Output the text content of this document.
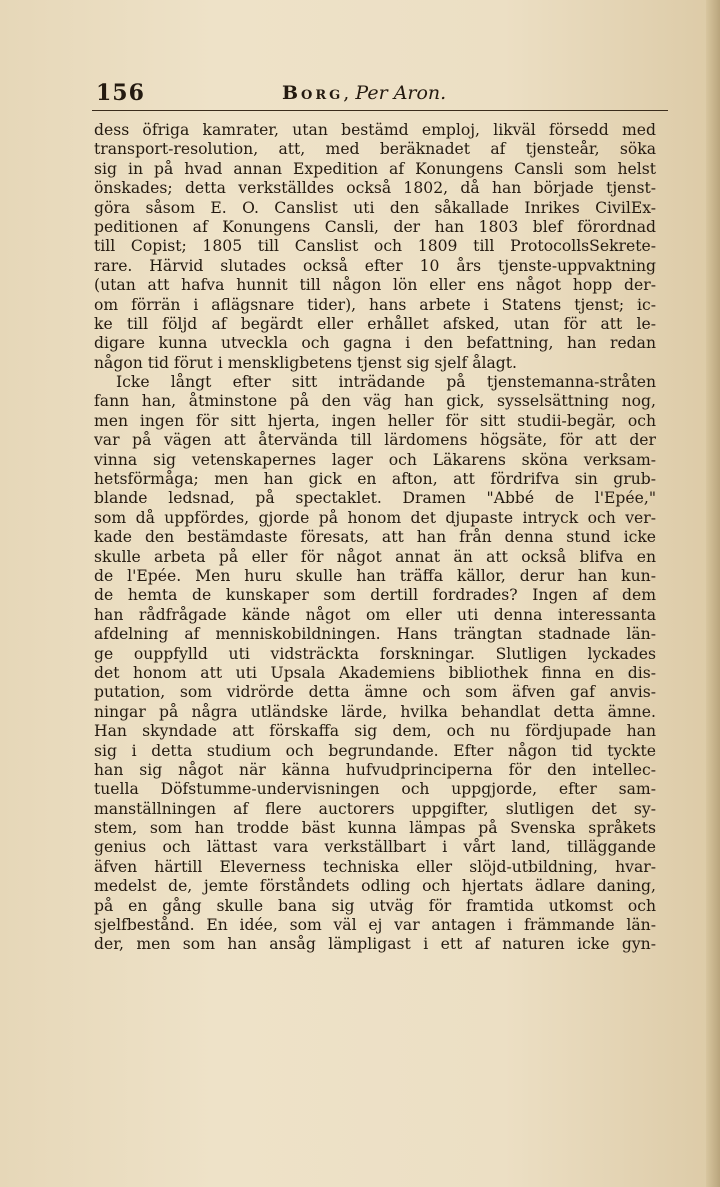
156	Borg, Per Aron.
dess öfriga kamrater, utan bestämd emploj, likväl försedd med
transport-resolution, att, med beräknadet af tjensteår, söka
sig in på hvad annan Expedition af Konungens Cansli som helst
önskades; detta verkställdes också 1802, då han började tjenst-
göra såsom E. O. Canslist uti den såkallade Inrikes CivilEx-
peditionen af Konungens Cansli, der han 1803 blef förordnad
till Copist; 1805 till Canslist och 1809 till ProtocollsSekrete-
rare. Härvid slutades också efter 10 års tjenste-uppvaktning
(utan att hafva hunnit till någon lön eller ens något hopp der-
om förrän i aflägsnare tider), hans arbete i Statens tjenst; ic-
ke till följd af begärdt eller erhållet afsked, utan för att le-
digare kunna utveckla och gagna i den befattning, han redan
någon tid förut i menskligbetens tjenst sig sjelf ålagt.
Icke långt efter sitt inträdande på tjenstemanna-stråten
fann han, åtminstone på den väg han gick, sysselsättning nog,
men ingen för sitt hjerta, ingen heller för sitt studii-begär, och
var på vägen att återvända till lärdomens högsäte, för att der
vinna sig vetenskapernes lager och Läkarens sköna verksam-
hetsförmåga; men han gick en afton, att fördrifva sin grub-
blande ledsnad, på spectaklet. Dramen "Abbé de l'Epée,"
som då uppfördes, gjorde på honom det djupaste intryck och ver-
kade den bestämdaste föresats, att han från denna stund icke
skulle arbeta på eller för något annat än att också blifva en
de l'Epée. Men huru skulle han träffa källor, derur han kun-
de hemta de kunskaper som dertill fordrades? Ingen af dem
han rådfrågade kände något om eller uti denna interessanta
afdelning af menniskobildningen. Hans trängtan stadnade län-
ge ouppfylld uti vidsträckta forskningar. Slutligen lyckades
det honom att uti Upsala Akademiens bibliothek finna en dis-
putation, som vidrörde detta ämne och som äfven gaf anvis-
ningar på några utländske lärde, hvilka behandlat detta ämne.
Han skyndade att förskaffa sig dem, och nu fördjupade han
sig i detta studium och begrundande. Efter någon tid tyckte
han sig något när känna hufvudprinciperna för den intellec-
tuella Döfstumme-undervisningen och uppgjorde, efter sam-
manställningen af flere auctorers uppgifter, slutligen det sy-
stem, som han trodde bäst kunna lämpas på Svenska språkets
genius och lättast vara verkställbart i vårt land, tilläggande
äfven härtill Eleverness techniska eller slöjd-utbildning, hvar-
medelst de, jemte förståndets odling och hjertats ädlare daning,
på en gång skulle bana sig utväg för framtida utkomst och
sjelfbestånd. En idée, som väl ej var antagen i främmande län-
der, men som han ansåg lämpligast i ett af naturen icke gyn-
